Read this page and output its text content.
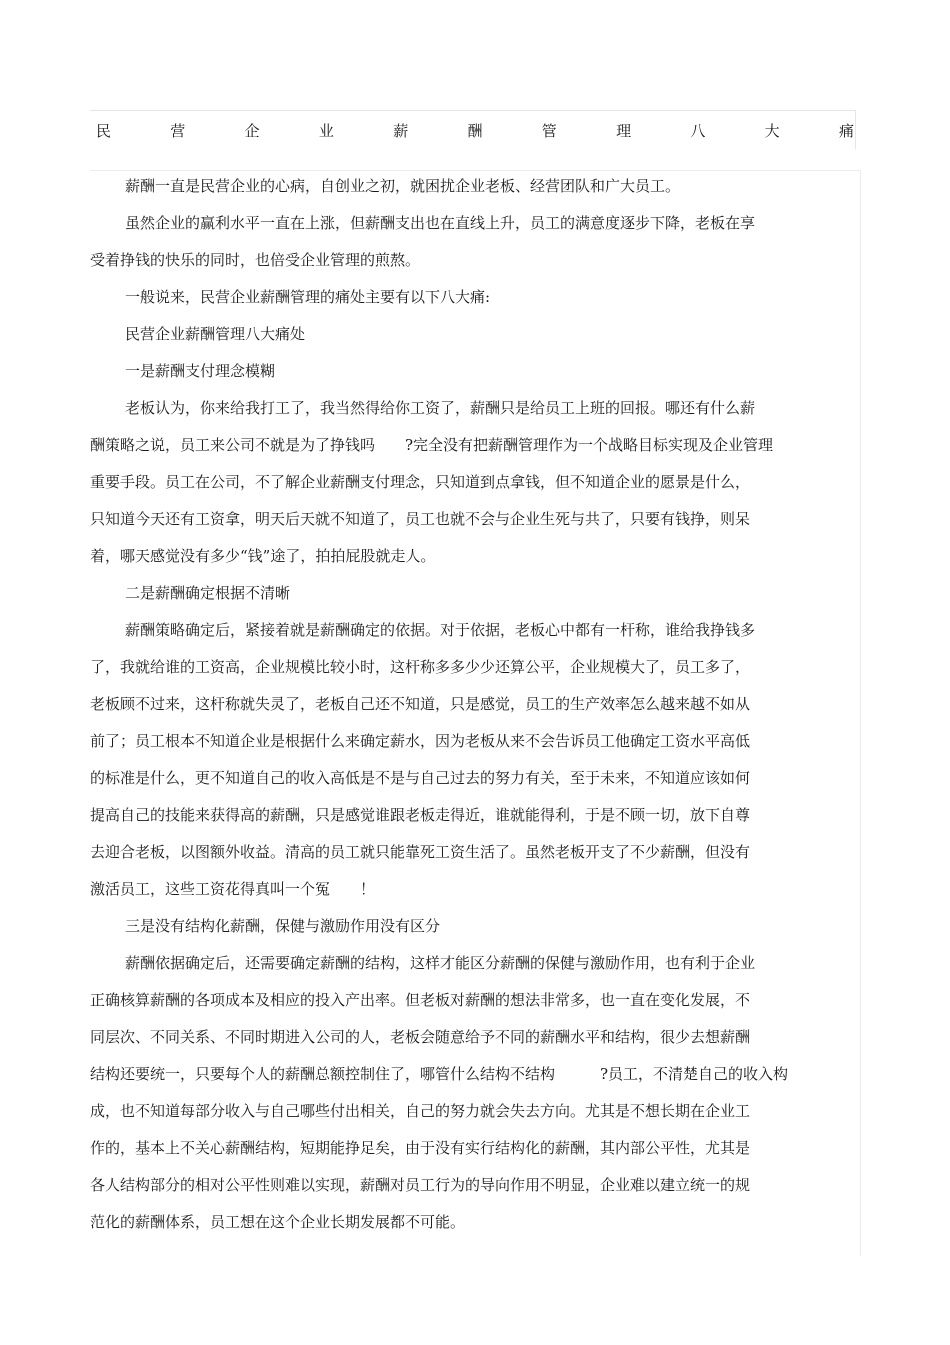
民	营	企	业	薪	酬	管	理	八	大	痛
薪酬一直是民营企业的心病，自创业之初，就困扰企业老板、经营团队和广大员工。
虽然企业的赢利水平一直在上涨，但薪酬支出也在直线上升，员工的满意度逐步下降，老板在享
受着挣钱的快乐的同时，也倍受企业管理的煎熬。
一般说来，民营企业薪酬管理的痛处主要有以下八大痛:
民营企业薪酬管理八大痛处
一是薪酬支付理念模糊
老板认为，你来给我打工了，我当然得给你工资了，薪酬只是给员工上班的回报。哪还有什么薪
酬策略之说，员工来公司不就是为了挣钱吗　　?完全没有把薪酬管理作为一个战略目标实现及企业管理
重要手段。员工在公司，不了解企业薪酬支付理念，只知道到点拿钱，但不知道企业的愿景是什么，
只知道今天还有工资拿，明天后天就不知道了，员工也就不会与企业生死与共了，只要有钱挣，则呆
着，哪天感觉没有多少“钱”途了，拍拍屁股就走人。
二是薪酬确定根据不清晰
薪酬策略确定后，紧接着就是薪酬确定的依据。对于依据，老板心中都有一杆称，谁给我挣钱多
了，我就给谁的工资高，企业规模比较小时，这杆称多多少少还算公平，企业规模大了，员工多了，
老板顾不过来，这杆称就失灵了，老板自己还不知道，只是感觉，员工的生产效率怎么越来越不如从
前了；员工根本不知道企业是根据什么来确定薪水，因为老板从来不会告诉员工他确定工资水平高低
的标准是什么，更不知道自己的收入高低是不是与自己过去的努力有关，至于未来，不知道应该如何
提高自己的技能来获得高的薪酬，只是感觉谁跟老板走得近，谁就能得利，于是不顾一切，放下自尊
去迎合老板，以图额外收益。清高的员工就只能靠死工资生活了。虽然老板开支了不少薪酬，但没有
激活员工，这些工资花得真叫一个冤　　！
三是没有结构化薪酬，保健与激励作用没有区分
薪酬依据确定后，还需要确定薪酬的结构，这样才能区分薪酬的保健与激励作用，也有利于企业
正确核算薪酬的各项成本及相应的投入产出率。但老板对薪酬的想法非常多，也一直在变化发展，不
同层次、不同关系、不同时期进入公司的人，老板会随意给予不同的薪酬水平和结构，很少去想薪酬
结构还要统一，只要每个人的薪酬总额控制住了，哪管什么结构不结构　　　?员工，不清楚自己的收入构
成，也不知道每部分收入与自己哪些付出相关，自己的努力就会失去方向。尤其是不想长期在企业工
作的，基本上不关心薪酬结构，短期能挣足矣，由于没有实行结构化的薪酬，其内部公平性，尤其是
各人结构部分的相对公平性则难以实现，薪酬对员工行为的导向作用不明显，企业难以建立统一的规
范化的薪酬体系，员工想在这个企业长期发展都不可能。
